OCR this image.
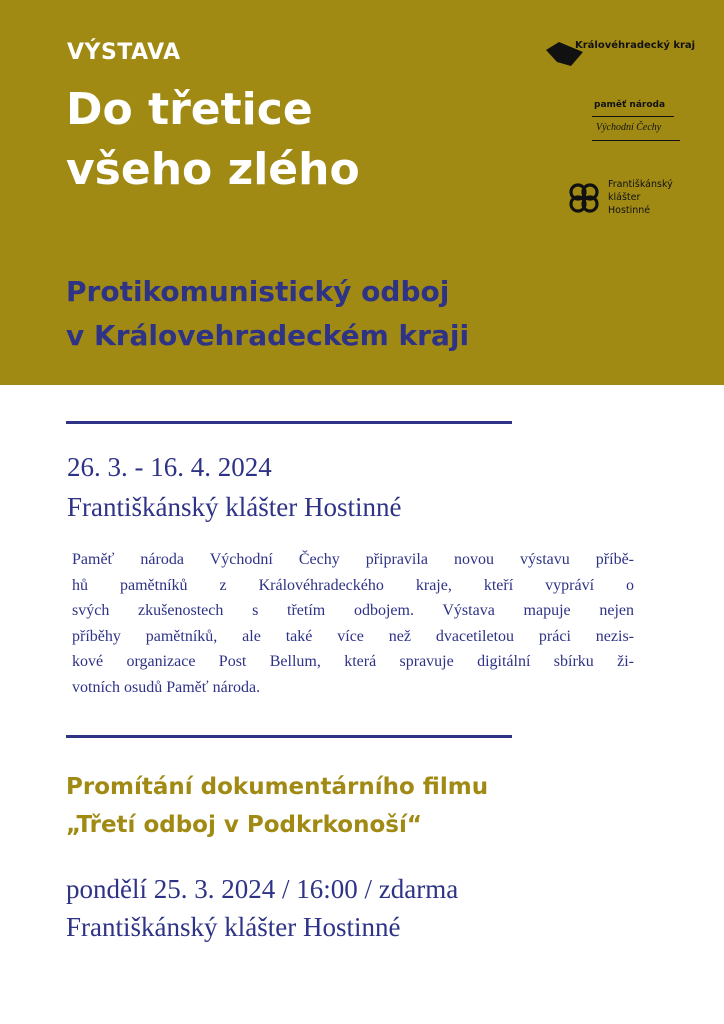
VÝSTAVA
Do třetice
všeho zlého
Protikomunistický odboj
v Královehradeckém kraji
Královéhradecký kraj
paměť národa
Východní Čechy
Františkánský
klášter
Hostinné
26. 3. - 16. 4. 2024
Františkánský klášter Hostinné

Paměť národa Východní Čechy připravila novou výstavu příbě-
hů pamětníků z Královéhradeckého kraje, kteří vypráví o
svých zkušenostech s třetím odbojem. Výstava mapuje nejen
příběhy pamětníků, ale také více než dvacetiletou práci nezis-
kové organizace Post Bellum, která spravuje digitální sbírku ži-
votních osudů Paměť národa.

Promítání dokumentárního filmu
„Třetí odboj v Podkrkonoší“
pondělí 25. 3. 2024 / 16:00 / zdarma
Františkánský klášter Hostinné
